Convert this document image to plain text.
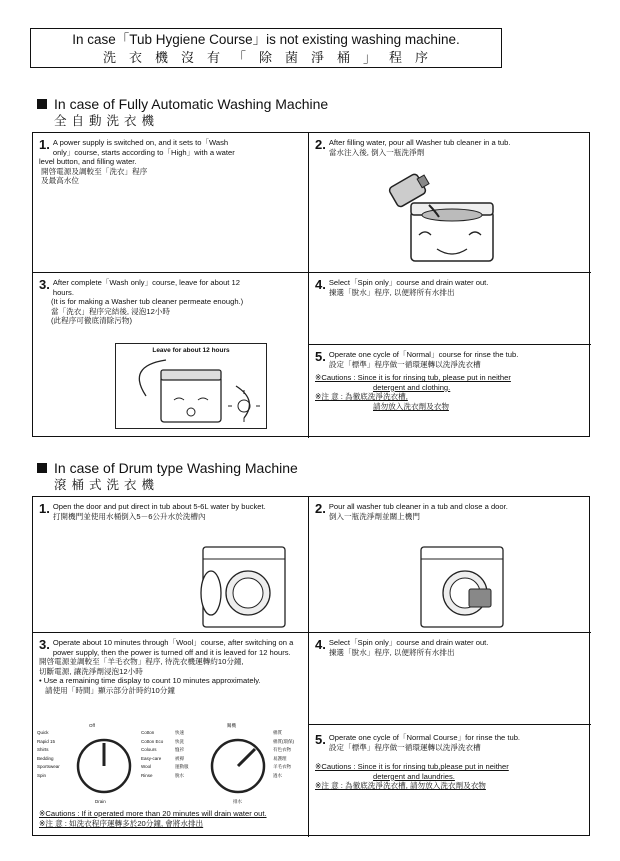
In case「Tub Hygiene Course」is not existing washing machine.
洗衣機沒有「除菌淨桶」程序
In case of Fully Automatic Washing Machine
全自動洗衣機
1. A power supply is switched on, and it sets to「Wash only」course, starts according to「High」with a water level button, and filling water.
開啓電源及調較至「洗衣」程序
及最高水位
2. After filling water, pour all Washer tub cleaner in a tub.
當水注入後, 倒入一瓶洗淨劑
3. After complete「Wash only」course, leave for about 12 hours.
(It is for making a Washer tub cleaner permeate enough.)
當「洗衣」程序完結後, 浸泡12小時
(此程序可徹底清除污物)
Leave for about 12 hours
4. Select「Spin only」course and drain water out.
揀選「脫水」程序, 以便將所有水排出
5. Operate one cycle of「Normal」course for rinse the tub.
設定「標準」程序做一循環運轉以洗淨洗衣槽
※Cautions : Since it is for rinsing tub, please put in neither
detergent and clothing.
※注 意 : 為徹底洗淨洗衣槽,
請勿放入洗衣劑及衣物
In case of Drum type Washing Machine
滾桶式洗衣機
1. Open the door and put direct in tub about 5-6L water by bucket.
打開機門並使用水桶倒入5－6公升水於洗槽內
2. Pour all washer tub cleaner in a tub and close a door.
倒入一瓶洗淨劑並關上機門
3. Operate about 10 minutes through「Wool」course, after switching on a power supply, then the power is turned off and it is leaved for 12 hours.
開啓電源並調較至「羊毛衣物」程序, 待洗衣機運轉約10分鐘,
切斷電源, 讓洗淨劑浸泡12小時
• Use a remaining time display to count 10 minutes approximately.
請使用「時間」顯示部分計時約10分鐘
Quick
Rapid 15
Shirts
Bedding
Sportswear
Spin
Off
Drain
Cotton
Cotton Eco
Colours
Easy-care
Wool
Rinse
快速
快洗
恤衫
被褥
運動服
脫水
關機
排水
棉質
棉質(環保)
有色衣物
易護理
羊毛衣物
過水
※Cautions : If it operated more than 20 minutes will drain water out.
※注 意 : 如洗衣程序運轉多於20分鐘, 會將水排出
4. Select「Spin only」course and drain water out.
揀選「脫水」程序, 以便將所有水排出
5. Operate one cycle of「Normal Course」for rinse the tub.
設定「標準」程序做一循環運轉以洗淨洗衣槽
※Cautions : Since it is for rinsing tub,please put in neither
detergent and laundries.
※注 意 : 為徹底洗淨洗衣槽, 請勿放入洗衣劑及衣物
